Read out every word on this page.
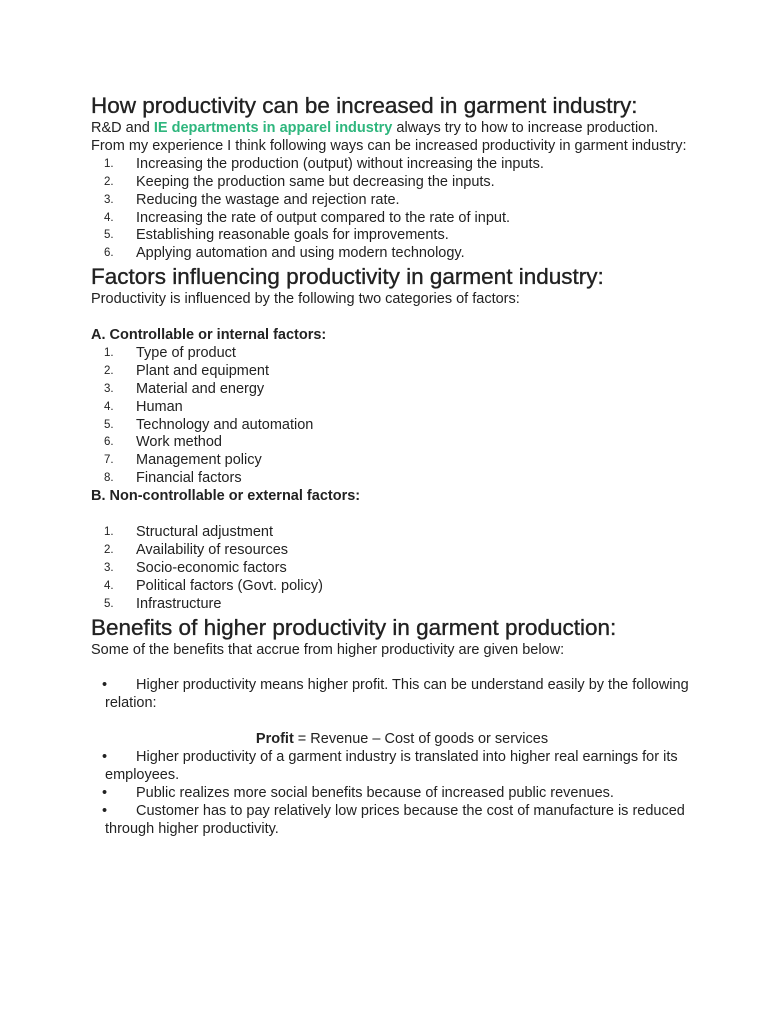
How productivity can be increased in garment industry:

R&D and IE departments in apparel industry always try to how to increase production. From my experience I think following ways can be increased productivity in garment industry:

1.	Increasing the production (output) without increasing the inputs.
2.	Keeping the production same but decreasing the inputs.
3.	Reducing the wastage and rejection rate.
4.	Increasing the rate of output compared to the rate of input.
5.	Establishing reasonable goals for improvements.
6.	Applying automation and using modern technology.
Factors influencing productivity in garment industry:

Productivity is influenced by the following two categories of factors:

A. Controllable or internal factors:

1.	Type of product
2.	Plant and equipment
3.	Material and energy
4.	Human
5.	Technology and automation
6.	Work method
7.	Management policy
8.	Financial factors

B. Non-controllable or external factors:

1.	Structural adjustment
2.	Availability of resources
3.	Socio-economic factors
4.	Political factors (Govt. policy)
5.	Infrastructure
Benefits of higher productivity in garment production:

Some of the benefits that accrue from higher productivity are given below:

•	Higher productivity means higher profit. This can be understand easily by the following relation:

Profit = Revenue – Cost of goods or services

•	Higher productivity of a garment industry is translated into higher real earnings for its employees.
•	Public realizes more social benefits because of increased public revenues.
•	Customer has to pay relatively low prices because the cost of manufacture is reduced through higher productivity.
